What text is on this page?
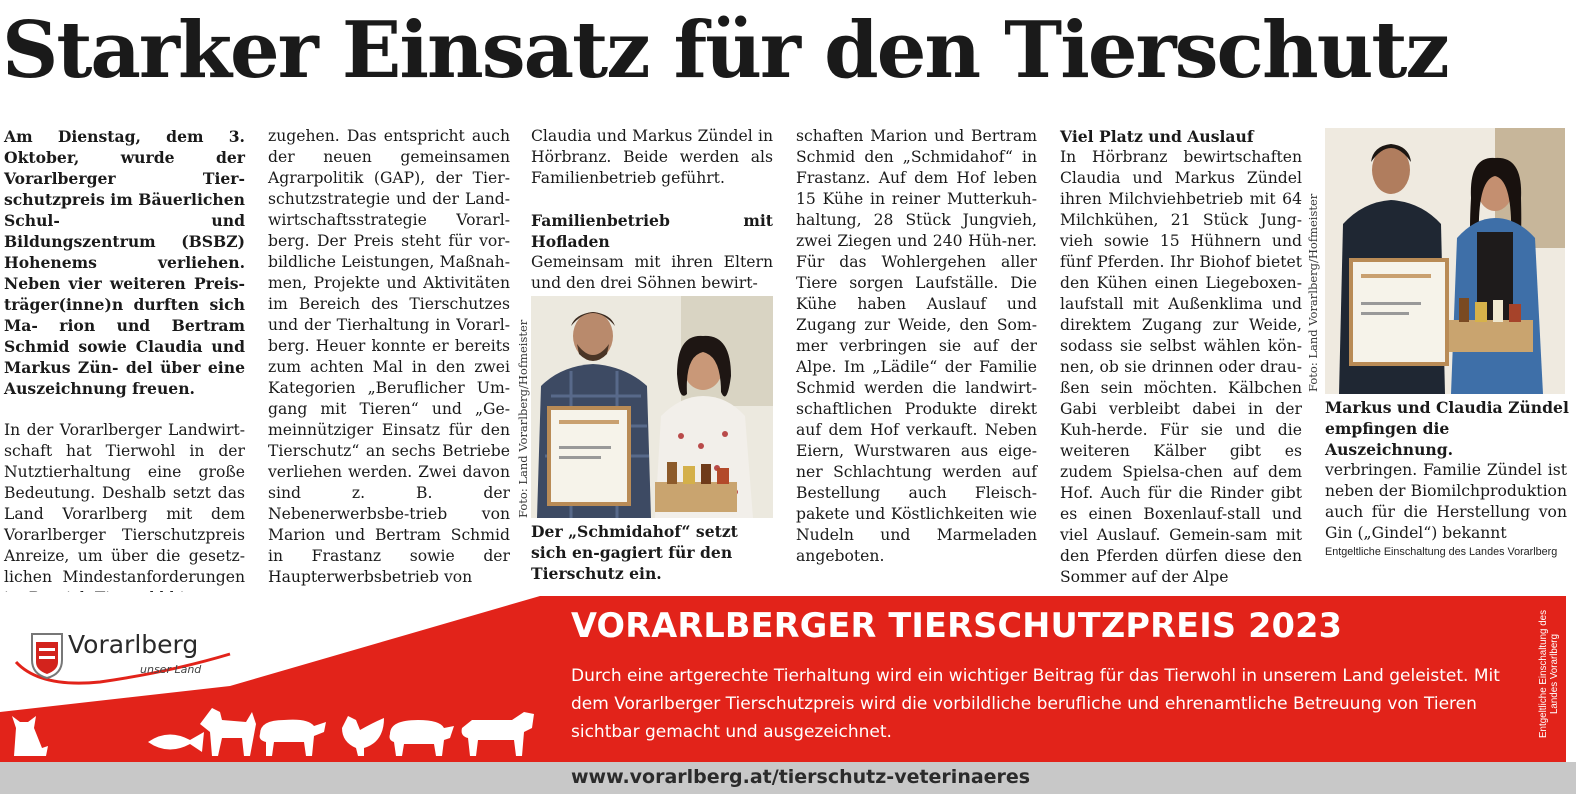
Starker Einsatz für den Tierschutz

Am Dienstag, dem 3. Oktober, wurde der Vorarlberger Tier- schutzpreis im Bäuerlichen Schul- und Bildungszentrum (BSBZ) Hohenems verliehen. Neben vier weiteren Preis- träger(inne)n durften sich Ma- rion und Bertram Schmid sowie Claudia und Markus Zün- del über eine Auszeichnung freuen.

In der Vorarlberger Landwirt-schaft hat Tierwohl in der Nutztierhaltung eine große Bedeutung. Deshalb setzt das Land Vorarlberg mit dem Vorarlberger Tierschutzpreis Anreize, um über die gesetz-lichen Mindestanforderungen

zugehen. Das entspricht auch der neuen gemeinsamen Agrarpolitik (GAP), der Tier-schutzstrategie und der Land-wirtschaftsstrategie Vorarl-berg. Der Preis steht für vor-bildliche Leistungen, Maßnah-men, Projekte und Aktivitäten im Bereich des Tierschutzes und der Tierhaltung in Vorarl-berg. Heuer konnte er bereits zum achten Mal in den zwei Kategorien „Beruflicher Um-gang mit Tieren“ und „Ge-meinnütziger Einsatz für den Tierschutz“ an sechs Betriebe verliehen werden. Zwei davon sind z. B. der Nebenerwerbsbe-trieb von Marion und Bertram Schmid in Frastanz sowie der Haupterwerbsbetrieb von

Claudia und Markus Zündel in Hörbranz. Beide werden als Familienbetrieb geführt.

Familienbetrieb mit Hofladen

Gemeinsam mit ihren Eltern und den drei Söhnen bewirt-

Foto: Land Vorarlberg/Hofmeister
Der „Schmidahof“ setzt sich en-gagiert für den Tierschutz ein.

schaften Marion und Bertram Schmid den „Schmidahof“ in Frastanz. Auf dem Hof leben 15 Kühe in reiner Mutterkuh-haltung, 28 Stück Jungvieh, zwei Ziegen und 240 Hüh-ner. Für das Wohlergehen aller Tiere sorgen Laufställe. Die Kühe haben Auslauf und Zugang zur Weide, den Som-mer verbringen sie auf der Alpe. Im „Lädile“ der Familie Schmid werden die landwirt-schaftlichen Produkte direkt auf dem Hof verkauft. Neben Eiern, Wurstwaren aus eige-ner Schlachtung werden auf Bestellung auch Fleisch-pakete und Köstlichkeiten wie Nudeln und Marmeladen angeboten.

Viel Platz und Auslauf

In Hörbranz bewirtschaften Claudia und Markus Zündel ihren Milchviehbetrieb mit 64 Milchkühen, 21 Stück Jung-vieh sowie 15 Hühnern und fünf Pferden. Ihr Biohof bietet den Kühen einen Liegeboxen-laufstall mit Außenklima und direktem Zugang zur Weide, sodass sie selbst wählen kön-nen, ob sie drinnen oder drau-ßen sein möchten. Kälbchen Gabi verbleibt dabei in der Kuh-herde. Für sie und die weiteren Kälber gibt es zudem Spielsa-chen auf dem Hof. Auch für die Rinder gibt es einen Boxenlauf-stall und viel Auslauf. Gemein-sam mit den Pferden dürfen diese den Sommer auf der Alpe

Foto: Land Vorarlberg/Hofmeister
Markus und Claudia Zündel empfingen die Auszeichnung.

verbringen. Familie Zündel ist neben der Biomilchproduktion auch für die Herstellung von Gin („Gindel“) bekannt

Entgeltliche Einschaltung des Landes Vorarlberg
Vorarlberg
unser Land
VORARLBERGER TIERSCHUTZPREIS 2023
Durch eine artgerechte Tierhaltung wird ein wichtiger Beitrag für das Tierwohl in unserem Land geleistet. Mit dem Vorarlberger Tierschutzpreis wird die vorbildliche berufliche und ehrenamtliche Betreuung von Tieren sichtbar gemacht und ausgezeichnet.	Entgeltliche Einschaltung des Landes Vorarlberg
www.vorarlberg.at/tierschutz-veterinaeres
